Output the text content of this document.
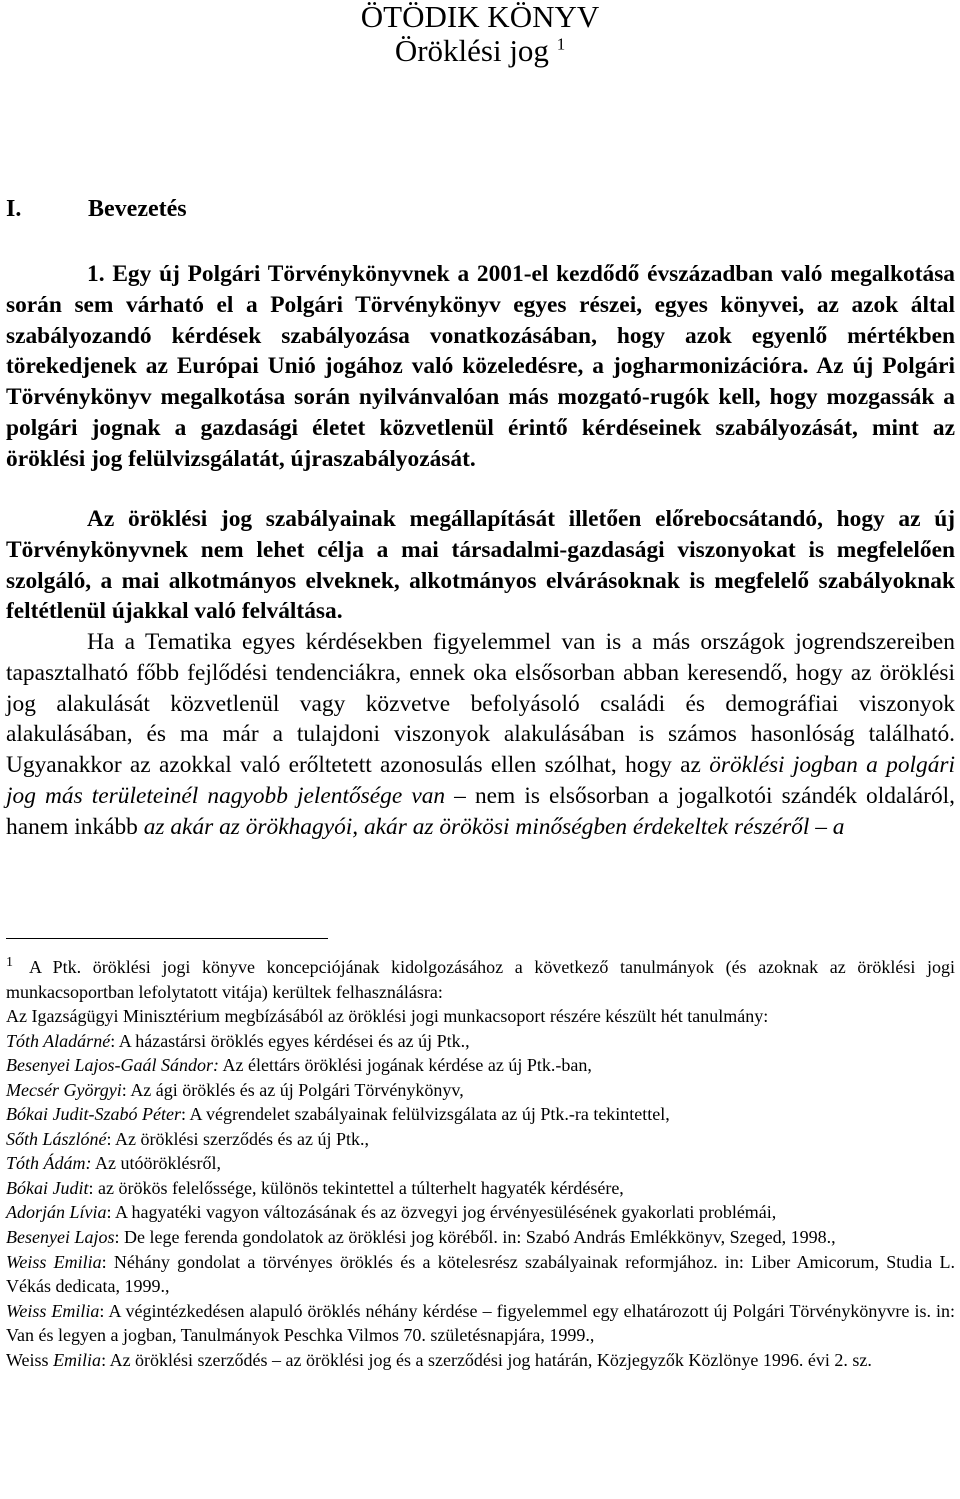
ÖTÖDIK KÖNYV
Öröklési jog $^1$
I.	Bevezetés

1. Egy új Polgári Törvénykönyvnek a 2001-el kezdődő évszázadban való megalkotása során sem várható el a Polgári Törvénykönyv egyes részei, egyes könyvei, az azok által szabályozandó kérdések szabályozása vonatkozásában, hogy azok egyenlő mértékben törekedjenek az Európai Unió jogához való közeledésre, a jogharmonizációra. Az új Polgári Törvénykönyv megalkotása során nyilvánvalóan más mozgató-rugók kell, hogy mozgassák a polgári jognak a gazdasági életet közvetlenül érintő kérdéseinek szabályozását, mint az öröklési jog felülvizsgálatát, újraszabályozását.

Az öröklési jog szabályainak megállapítását illetően előrebocsátandó, hogy az új Törvénykönyvnek nem lehet célja a mai társadalmi-gazdasági viszonyokat is megfelelően szolgáló, a mai alkotmányos elveknek, alkotmányos elvárásoknak is megfelelő szabályoknak feltétlenül újakkal való felváltása.

Ha a Tematika egyes kérdésekben figyelemmel van is a más országok jogrendszereiben tapasztalható főbb fejlődési tendenciákra, ennek oka elsősorban abban keresendő, hogy az öröklési jog alakulását közvetlenül vagy közvetve befolyásoló családi és demográfiai viszonyok alakulásában, és ma már a tulajdoni viszonyok alakulásában is számos hasonlóság található. Ugyanakkor az azokkal való erőltetett azonosulás ellen szólhat, hogy az öröklési jogban a polgári jog más területeinél nagyobb jelentősége van – nem is elsősorban a jogalkotói szándék oldaláról, hanem inkább az akár az örökhagyói, akár az örökösi minőségben érdekeltek részéről – a

$^1$ A Ptk. öröklési jogi könyve koncepciójának kidolgozásához a következő tanulmányok (és azoknak az öröklési jogi munkacsoportban lefolytatott vitája) kerültek felhasználásra:

Az Igazságügyi Minisztérium megbízásából az öröklési jogi munkacsoport részére készült hét tanulmány:

Tóth Aladárné: A házastársi öröklés egyes kérdései és az új Ptk.,

Besenyei Lajos-Gaál Sándor: Az élettárs öröklési jogának kérdése az új Ptk.-ban,

Mecsér Györgyi: Az ági öröklés és az új Polgári Törvénykönyv,

Bókai Judit-Szabó Péter: A végrendelet szabályainak felülvizsgálata az új Ptk.-ra tekintettel,

Sőth Lászlóné: Az öröklési szerződés és az új Ptk.,

Tóth Ádám: Az utóöröklésről,

Bókai Judit: az örökös felelőssége, különös tekintettel a túlterhelt hagyaték kérdésére,

Adorján Lívia: A hagyatéki vagyon változásának és az özvegyi jog érvényesülésének gyakorlati problémái,

Besenyei Lajos: De lege ferenda gondolatok az öröklési jog köréből. in: Szabó András Emlékkönyv, Szeged, 1998.,

Weiss Emilia: Néhány gondolat a törvényes öröklés és a kötelesrész szabályainak reformjához. in: Liber Amicorum, Studia L. Vékás dedicata, 1999.,

Weiss Emilia: A végintézkedésen alapuló öröklés néhány kérdése – figyelemmel egy elhatározott új Polgári Törvénykönyvre is. in: Van és legyen a jogban, Tanulmányok Peschka Vilmos 70. születésnapjára, 1999.,

Weiss Emilia: Az öröklési szerződés – az öröklési jog és a szerződési jog határán, Közjegyzők Közlönye 1996. évi 2. sz.
